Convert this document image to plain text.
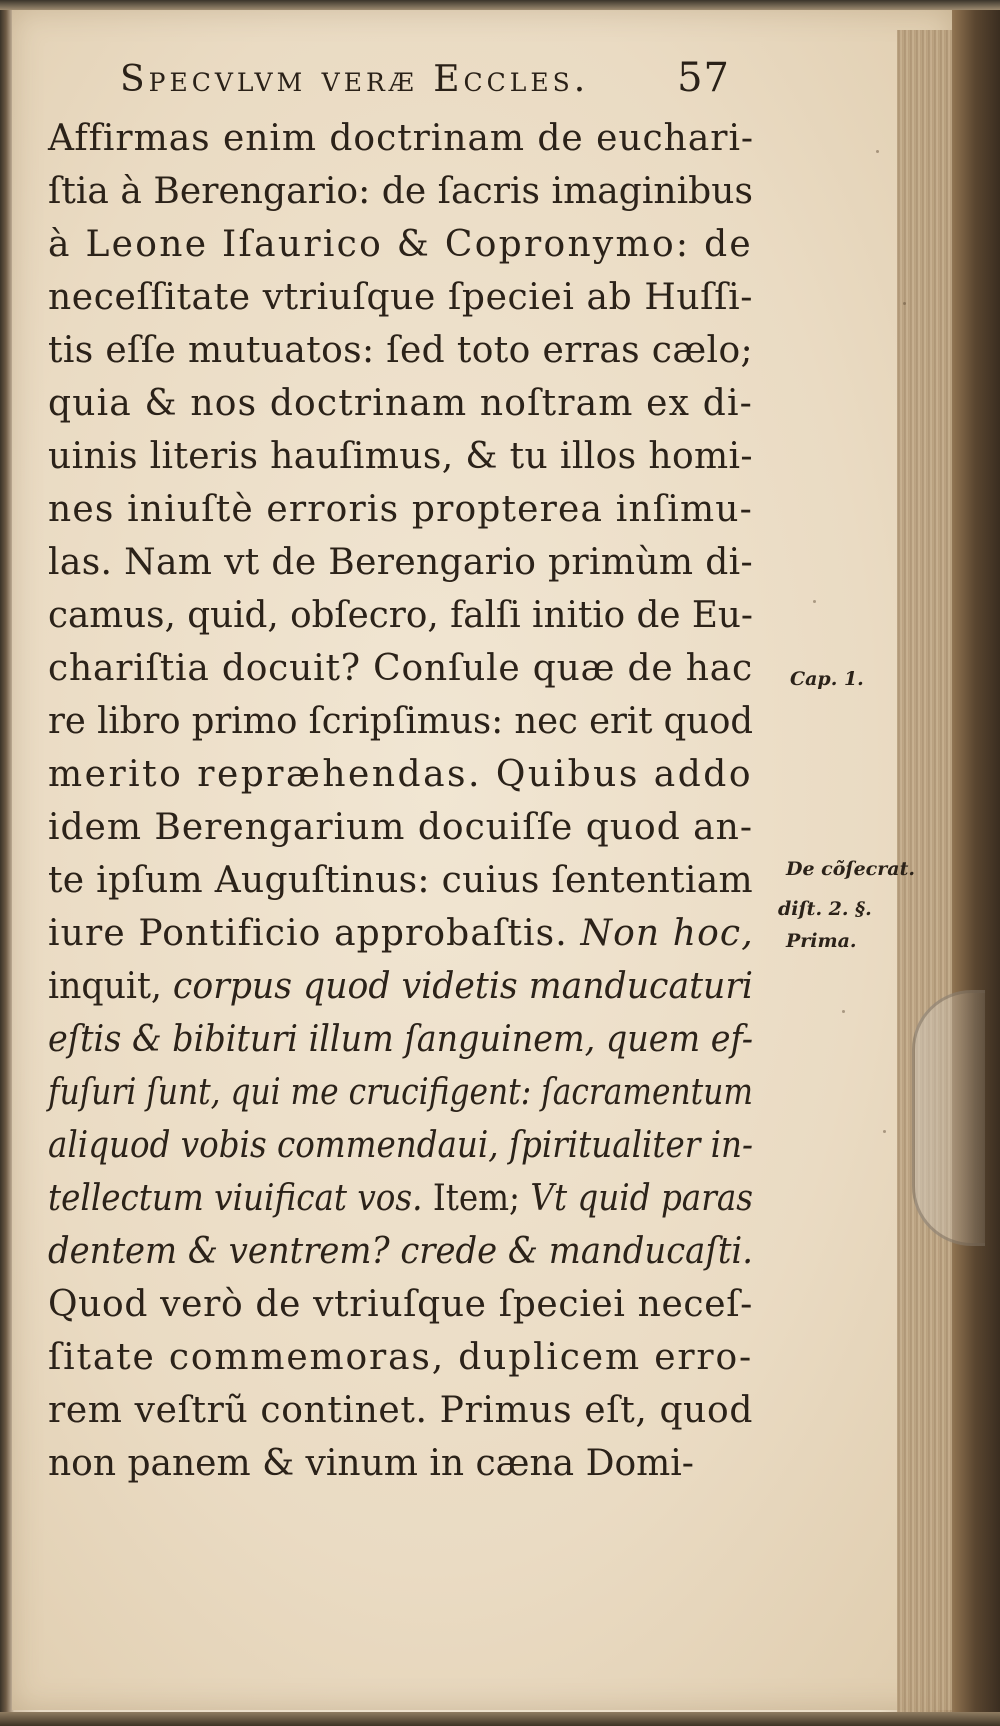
Specvlvm veræ Eccles. 57
Affirmas enim doctrinam de euchari-
ſtia à Berengario: de ſacris imaginibus
à Leone Iſaurico & Copronymo: de
neceſſitate vtriuſque ſpeciei ab Huſſi-
tis eſſe mutuatos: ſed toto erras cælo;
quia & nos doctrinam noſtram ex di-
uinis literis hauſimus, & tu illos homi-
nes iniuſtè erroris propterea inſimu-
las. Nam vt de Berengario primùm di-
camus, quid, obſecro, falſi initio de Eu-
chariſtia docuit? Conſule quæ de hac
re libro primo ſcripſimus: nec erit quod
merito repræhendas. Quibus addo
idem Berengarium docuiſſe quod an-
te ipſum Auguſtinus: cuius ſententiam
iure Pontificio approbaſtis. Non hoc,
inquit, corpus quod videtis manducaturi
eſtis & bibituri illum ſanguinem, quem ef-
fuſuri ſunt, qui me crucifigent: ſacramentum
aliquod vobis commendaui, ſpiritualiter in-
tellectum viuificat vos. Item; Vt quid paras
dentem & ventrem? crede & manducaſti.
Quod verò de vtriuſque ſpeciei neceſ-
ſitate commemoras, duplicem erro-
rem veſtrũ continet. Primus eſt, quod
non panem & vinum in cæna Domi-
Cap. 1.
De cõſecrat.
diſt. 2. §.
Prima.
